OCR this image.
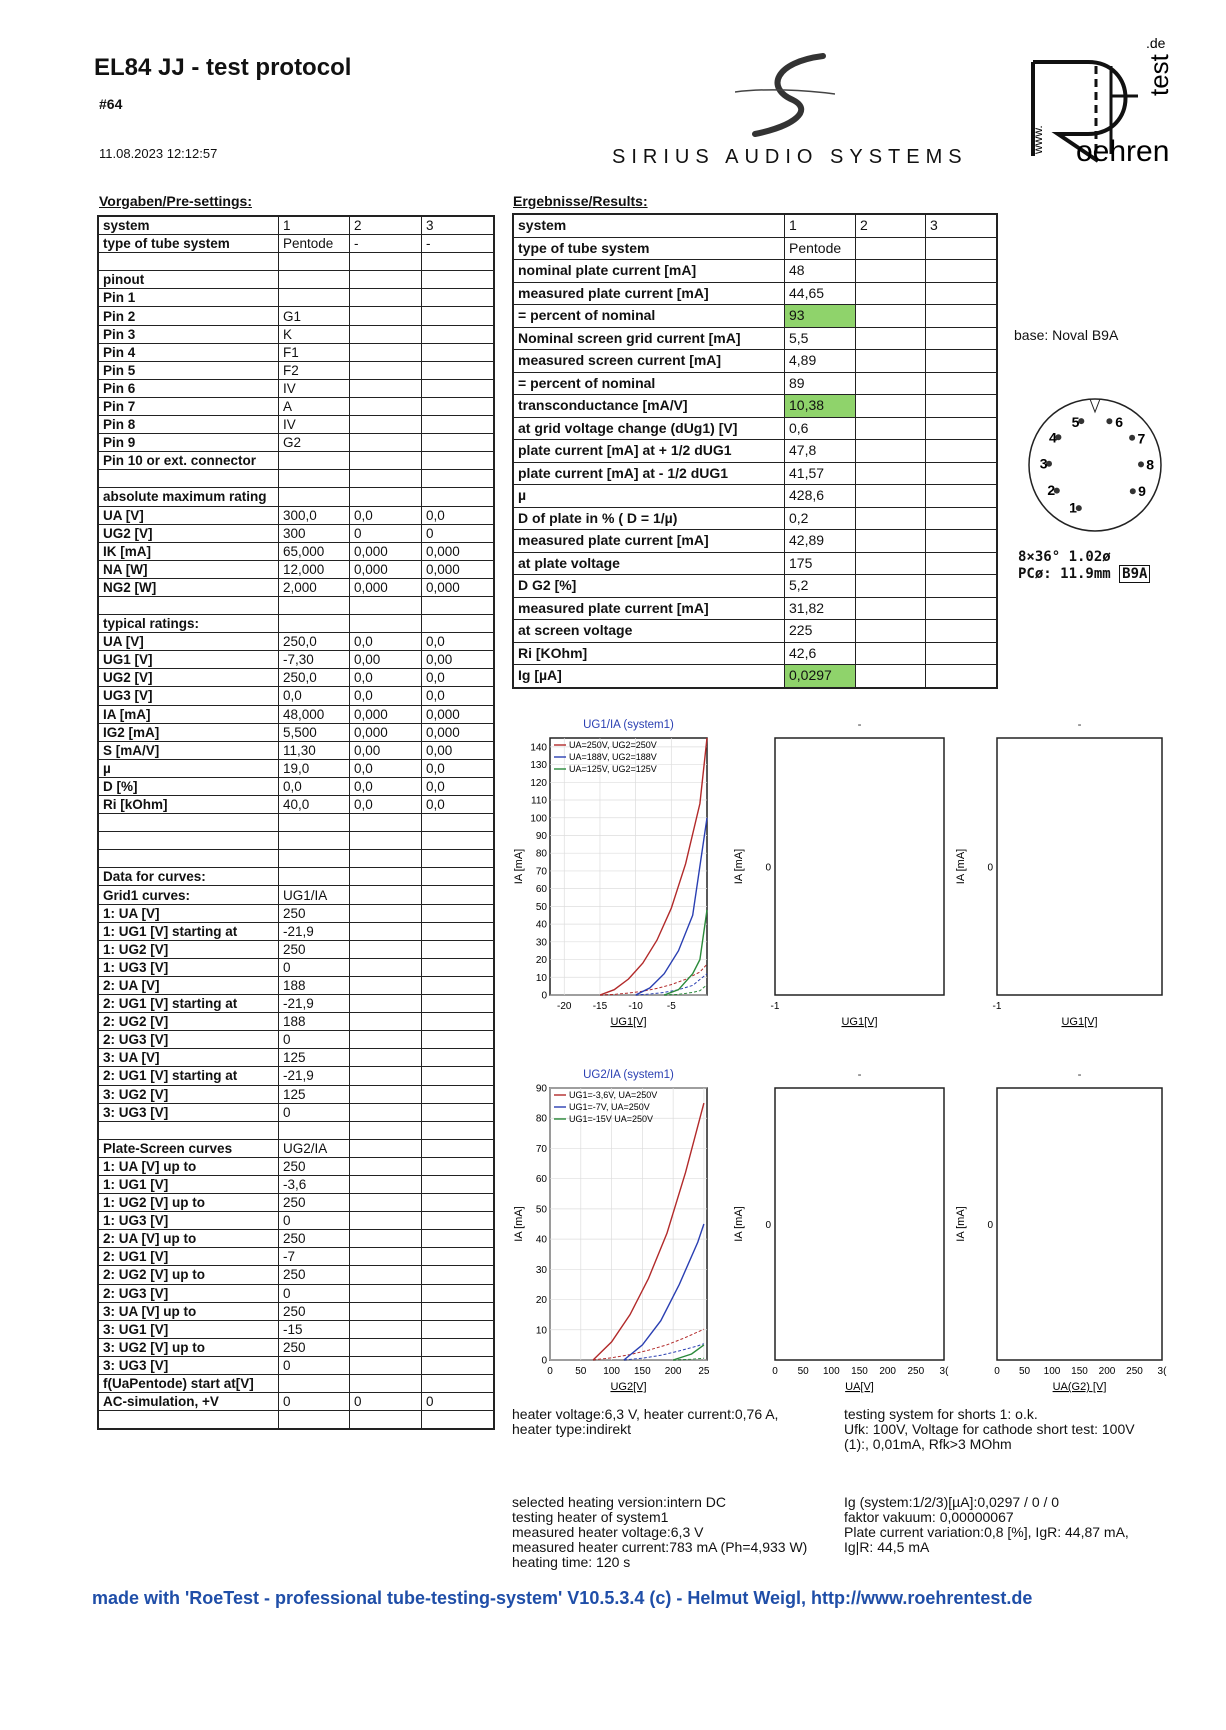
EL84 JJ - test protocol
#64
11.08.2023 12:12:57	SIRIUS AUDIO SYSTEMS
www. oehren
test
.de
Vorgaben/Pre-settings:	Ergebnisse/Results:
system	1	2	3
type of tube system	Pentode	-	-

pinout			
Pin 1			
Pin 2	G1		
Pin 3	K		
Pin 4	F1		
Pin 5	F2		
Pin 6	IV		
Pin 7	A		
Pin 8	IV		
Pin 9	G2		
Pin 10 or ext. connector			

absolute maximum rating			
UA [V]	300,0	0,0	0,0
UG2 [V]	300	0	0
IK [mA]	65,000	0,000	0,000
NA [W]	12,000	0,000	0,000
NG2 [W]	2,000	0,000	0,000

typical ratings:			
UA [V]	250,0	0,0	0,0
UG1 [V]	-7,30	0,00	0,00
UG2 [V]	250,0	0,0	0,0
UG3 [V]	0,0	0,0	0,0
IA [mA]	48,000	0,000	0,000
IG2 [mA]	5,500	0,000	0,000
S [mA/V]	11,30	0,00	0,00
µ	19,0	0,0	0,0
D [%]	0,0	0,0	0,0
Ri [kOhm]	40,0	0,0	0,0

Data for curves:			
Grid1 curves:	UG1/IA		
1: UA [V]	250		
1: UG1 [V] starting at	-21,9		
1: UG2 [V]	250		
1: UG3 [V]	0		
2: UA [V]	188		
2: UG1 [V] starting at	-21,9		
2: UG2 [V]	188		
2: UG3 [V]	0		
3: UA [V]	125		
2: UG1 [V] starting at	-21,9		
3: UG2 [V]	125		
3: UG3 [V]	0		

Plate-Screen curves	UG2/IA		
1: UA [V] up to	250		
1: UG1 [V]	-3,6		
1: UG2 [V] up to	250		
1: UG3 [V]	0		
2: UA [V] up to	250		
2: UG1 [V]	-7		
2: UG2 [V] up to	250		
2: UG3 [V]	0		
3: UA [V] up to	250		
3: UG1 [V]	-15		
3: UG2 [V] up to	250		
3: UG3 [V]	0		
f(UaPentode) start at[V]			
AC-simulation, +V	0	0	0

system	1	2	3
type of tube system	Pentode		
nominal plate current [mA]	48		
measured plate current [mA]	44,65		
= percent of nominal	93		
Nominal screen grid current [mA]	5,5		
measured screen current [mA]	4,89		
= percent of nominal	89		
transconductance [mA/V]	10,38		
at grid voltage change (dUg1) [V]	0,6		
plate current [mA] at + 1/2 dUG1	47,8		
plate current [mA] at - 1/2 dUG1	41,57		
µ	428,6		
D of plate in % ( D = 1/µ)	0,2		
measured plate current [mA]	42,89		
at plate voltage	175		
D G2 [%]	5,2		
measured plate current [mA]	31,82		
at screen voltage	225		
Ri [KOhm]	42,6		
Ig [µA]	0,0297		
base: Noval B9A
1
2
3
4
5	6
7
8
9
8×36° 1.02ø
PCø: 11.9mm B9A
UG1/IA (system1)
UG1[V]
IA [mA]
0
10
20
30
40
50
60
70
80
90
100
110
120
130
140
-20 -15 -10 -5
UA=250V, UG2=250V
UA=188V, UG2=188V
UA=125V, UG2=125V
-
UG1[V]
IA [mA] 0
-1
-
UG1[V]
IA [mA] 0
-1
UG2/IA (system1)
UG2[V]
IA [mA]
0
10
20
30
40
50
60
70
80
90
0 50 100 150 200 25
UG1=-3,6V, UA=250V
UG1=-7V, UA=250V
UG1=-15V UA=250V
-
UA[V]
IA [mA] 0
0 50 100 150 200 250 3(
-
UA(G2) [V]
IA [mA] 0
0 50 100 150 200 250 3(
heater voltage:6,3 V, heater current:0,76 A,
heater type:indirekt
testing system for shorts 1: o.k.
Ufk: 100V, Voltage for cathode short test: 100V
(1):, 0,01mA, Rfk>3 MOhm
selected heating version:intern DC
testing heater of system1
measured heater voltage:6,3 V
measured heater current:783 mA (Ph=4,933 W)
heating time: 120 s
Ig (system:1/2/3)[µA]:0,0297 / 0 / 0
faktor vakuum: 0,00000067
Plate current variation:0,8 [%], IgR: 44,87 mA,
Ig|R: 44,5 mA
made with 'RoeTest - professional tube-testing-system' V10.5.3.4 (c) - Helmut Weigl, http://www.roehrentest.de
